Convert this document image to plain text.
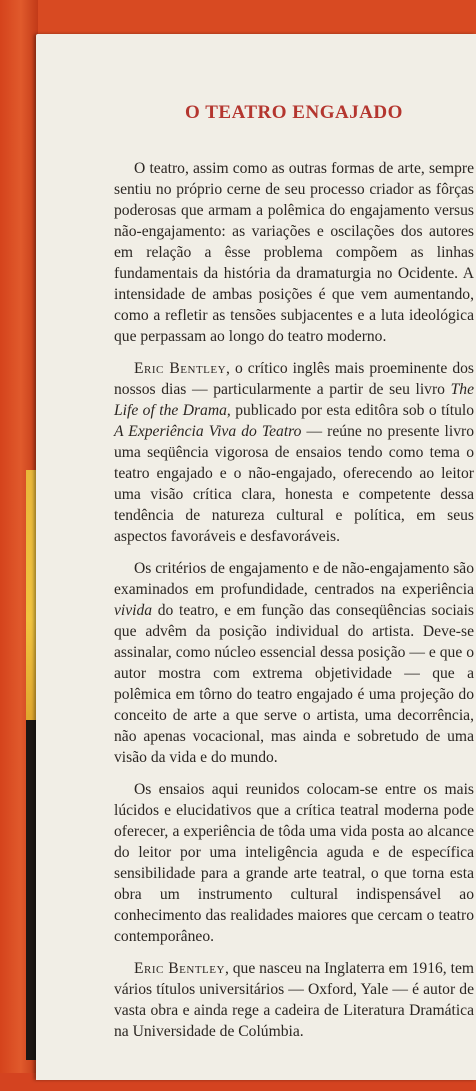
O TEATRO ENGAJADO

O teatro, assim como as outras formas de arte, sempre sentiu no próprio cerne de seu processo criador as fôrças poderosas que armam a polêmica do engajamento versus não-engajamento: as variações e oscilações dos autores em relação a êsse problema compõem as linhas fundamentais da história da dramaturgia no Ocidente. A intensidade de ambas posições é que vem aumentando, como a refletir as tensões subjacentes e a luta ideológica que perpassam ao longo do teatro moderno.

Eric Bentley, o crítico inglês mais proeminente dos nossos dias — particularmente a partir de seu livro The Life of the Drama, publicado por esta editôra sob o título A Experiência Viva do Teatro — reúne no presente livro uma seqüência vigorosa de ensaios tendo como tema o teatro engajado e o não-engajado, oferecendo ao leitor uma visão crítica clara, honesta e competente dessa tendência de natureza cultural e política, em seus aspectos favoráveis e desfavoráveis.

Os critérios de engajamento e de não-engajamento são examinados em profundidade, centrados na experiência vivida do teatro, e em função das conseqüências sociais que advêm da posição individual do artista. Deve-se assinalar, como núcleo essencial dessa posição — e que o autor mostra com extrema objetividade — que a polêmica em tôrno do teatro engajado é uma projeção do conceito de arte a que serve o artista, uma decorrência, não apenas vocacional, mas ainda e sobretudo de uma visão da vida e do mundo.

Os ensaios aqui reunidos colocam-se entre os mais lúcidos e elucidativos que a crítica teatral moderna pode oferecer, a experiência de tôda uma vida posta ao alcance do leitor por uma inteligência aguda e de específica sensibilidade para a grande arte teatral, o que torna esta obra um instrumento cultural indispensável ao conhecimento das realidades maiores que cercam o teatro contemporâneo.

Eric Bentley, que nasceu na Inglaterra em 1916, tem vários títulos universitários — Oxford, Yale — é autor de vasta obra e ainda rege a cadeira de Literatura Dramática na Universidade de Colúmbia.
